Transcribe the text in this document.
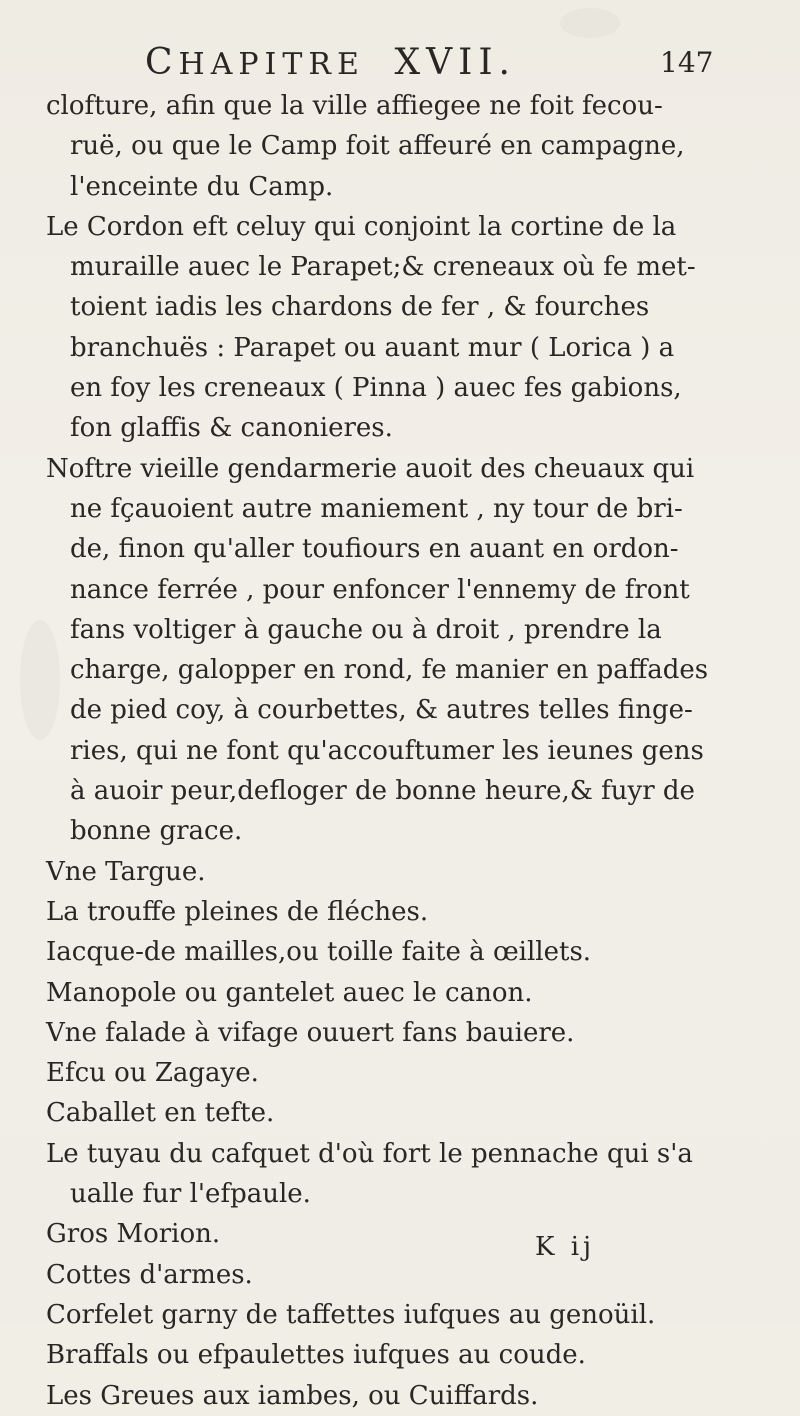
CHAPITRE XVII.	147
clofture, afin que la ville affiegee ne foit fecou-
ruë, ou que le Camp foit affeuré en campagne,
l'enceinte du Camp.
Le Cordon eft celuy qui conjoint la cortine de la
muraille auec le Parapet;& creneaux où fe met-
toient iadis les chardons de fer , & fourches
branchuës : Parapet ou auant mur ( Lorica ) a
en foy les creneaux ( Pinna ) auec fes gabions,
fon glaffis & canonieres.
Noftre vieille gendarmerie auoit des cheuaux qui
ne fçauoient autre maniement , ny tour de bri-
de, finon qu'aller toufiours en auant en ordon-
nance ferrée , pour enfoncer l'ennemy de front
fans voltiger à gauche ou à droit , prendre la
charge, galopper en rond, fe manier en paffades
de pied coy, à courbettes, & autres telles finge-
ries, qui ne font qu'accouftumer les ieunes gens
à auoir peur,defloger de bonne heure,& fuyr de
bonne grace.
Vne Targue.
La trouffe pleines de fléches.
Iacque-de mailles,ou toille faite à œillets.
Manopole ou gantelet auec le canon.
Vne falade à vifage ouuert fans bauiere.
Efcu ou Zagaye.
Caballet en tefte.
Le tuyau du cafquet d'où fort le pennache qui s'a
ualle fur l'efpaule.
Gros Morion.
Cottes d'armes.
Corfelet garny de taffettes iufques au genoüil.
Braffals ou efpaulettes iufques au coude.
Les Greues aux iambes, ou Cuiffards.
K ij
